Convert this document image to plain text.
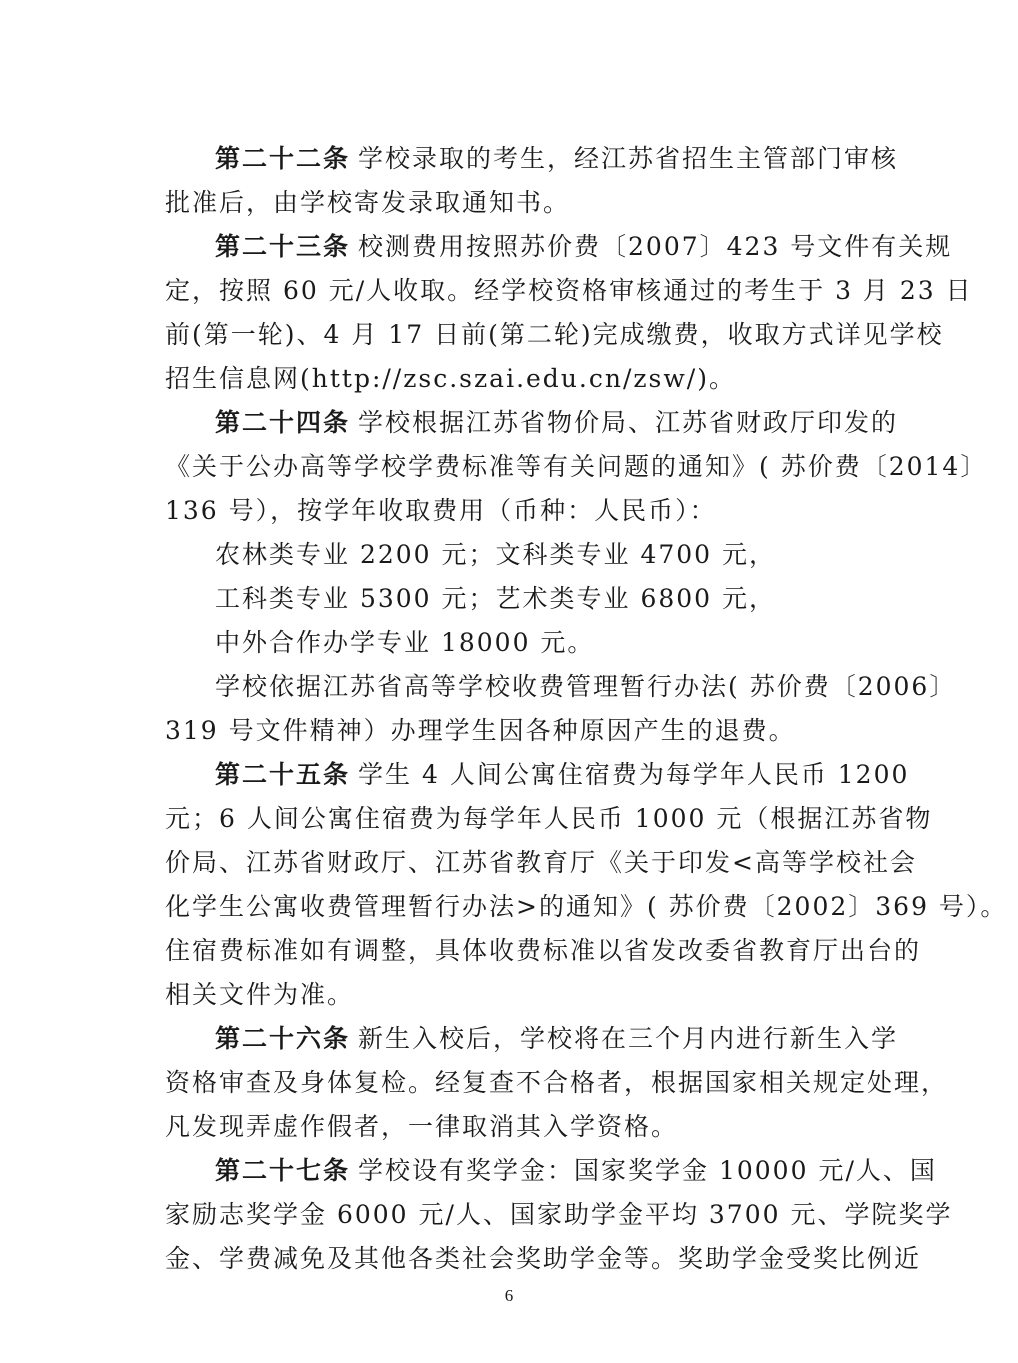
第二十二条 学校录取的考生，经江苏省招生主管部门审核
批准后，由学校寄发录取通知书。
第二十三条 校测费用按照苏价费〔2007〕423 号文件有关规
定，按照 60 元/人收取。经学校资格审核通过的考生于 3 月 23 日
前(第一轮)、4 月 17 日前(第二轮)完成缴费，收取方式详见学校
招生信息网(http://zsc.szai.edu.cn/zsw/)。
第二十四条 学校根据江苏省物价局、江苏省财政厅印发的
《关于公办高等学校学费标准等有关问题的通知》( 苏价费〔2014〕
136 号），按学年收取费用（币种：人民币）：
农林类专业 2200 元；文科类专业 4700 元，
工科类专业 5300 元；艺术类专业 6800 元，
中外合作办学专业 18000 元。
学校依据江苏省高等学校收费管理暂行办法( 苏价费〔2006〕
319 号文件精神）办理学生因各种原因产生的退费。
第二十五条 学生 4 人间公寓住宿费为每学年人民币 1200
元；6 人间公寓住宿费为每学年人民币 1000 元（根据江苏省物
价局、江苏省财政厅、江苏省教育厅《关于印发<高等学校社会
化学生公寓收费管理暂行办法>的通知》( 苏价费〔2002〕369 号）。
住宿费标准如有调整，具体收费标准以省发改委省教育厅出台的
相关文件为准。
第二十六条 新生入校后，学校将在三个月内进行新生入学
资格审查及身体复检。经复查不合格者，根据国家相关规定处理，
凡发现弄虚作假者，一律取消其入学资格。
第二十七条 学校设有奖学金：国家奖学金 10000 元/人、国
家励志奖学金 6000 元/人、国家助学金平均 3700 元、学院奖学
金、学费减免及其他各类社会奖助学金等。奖助学金受奖比例近
6
